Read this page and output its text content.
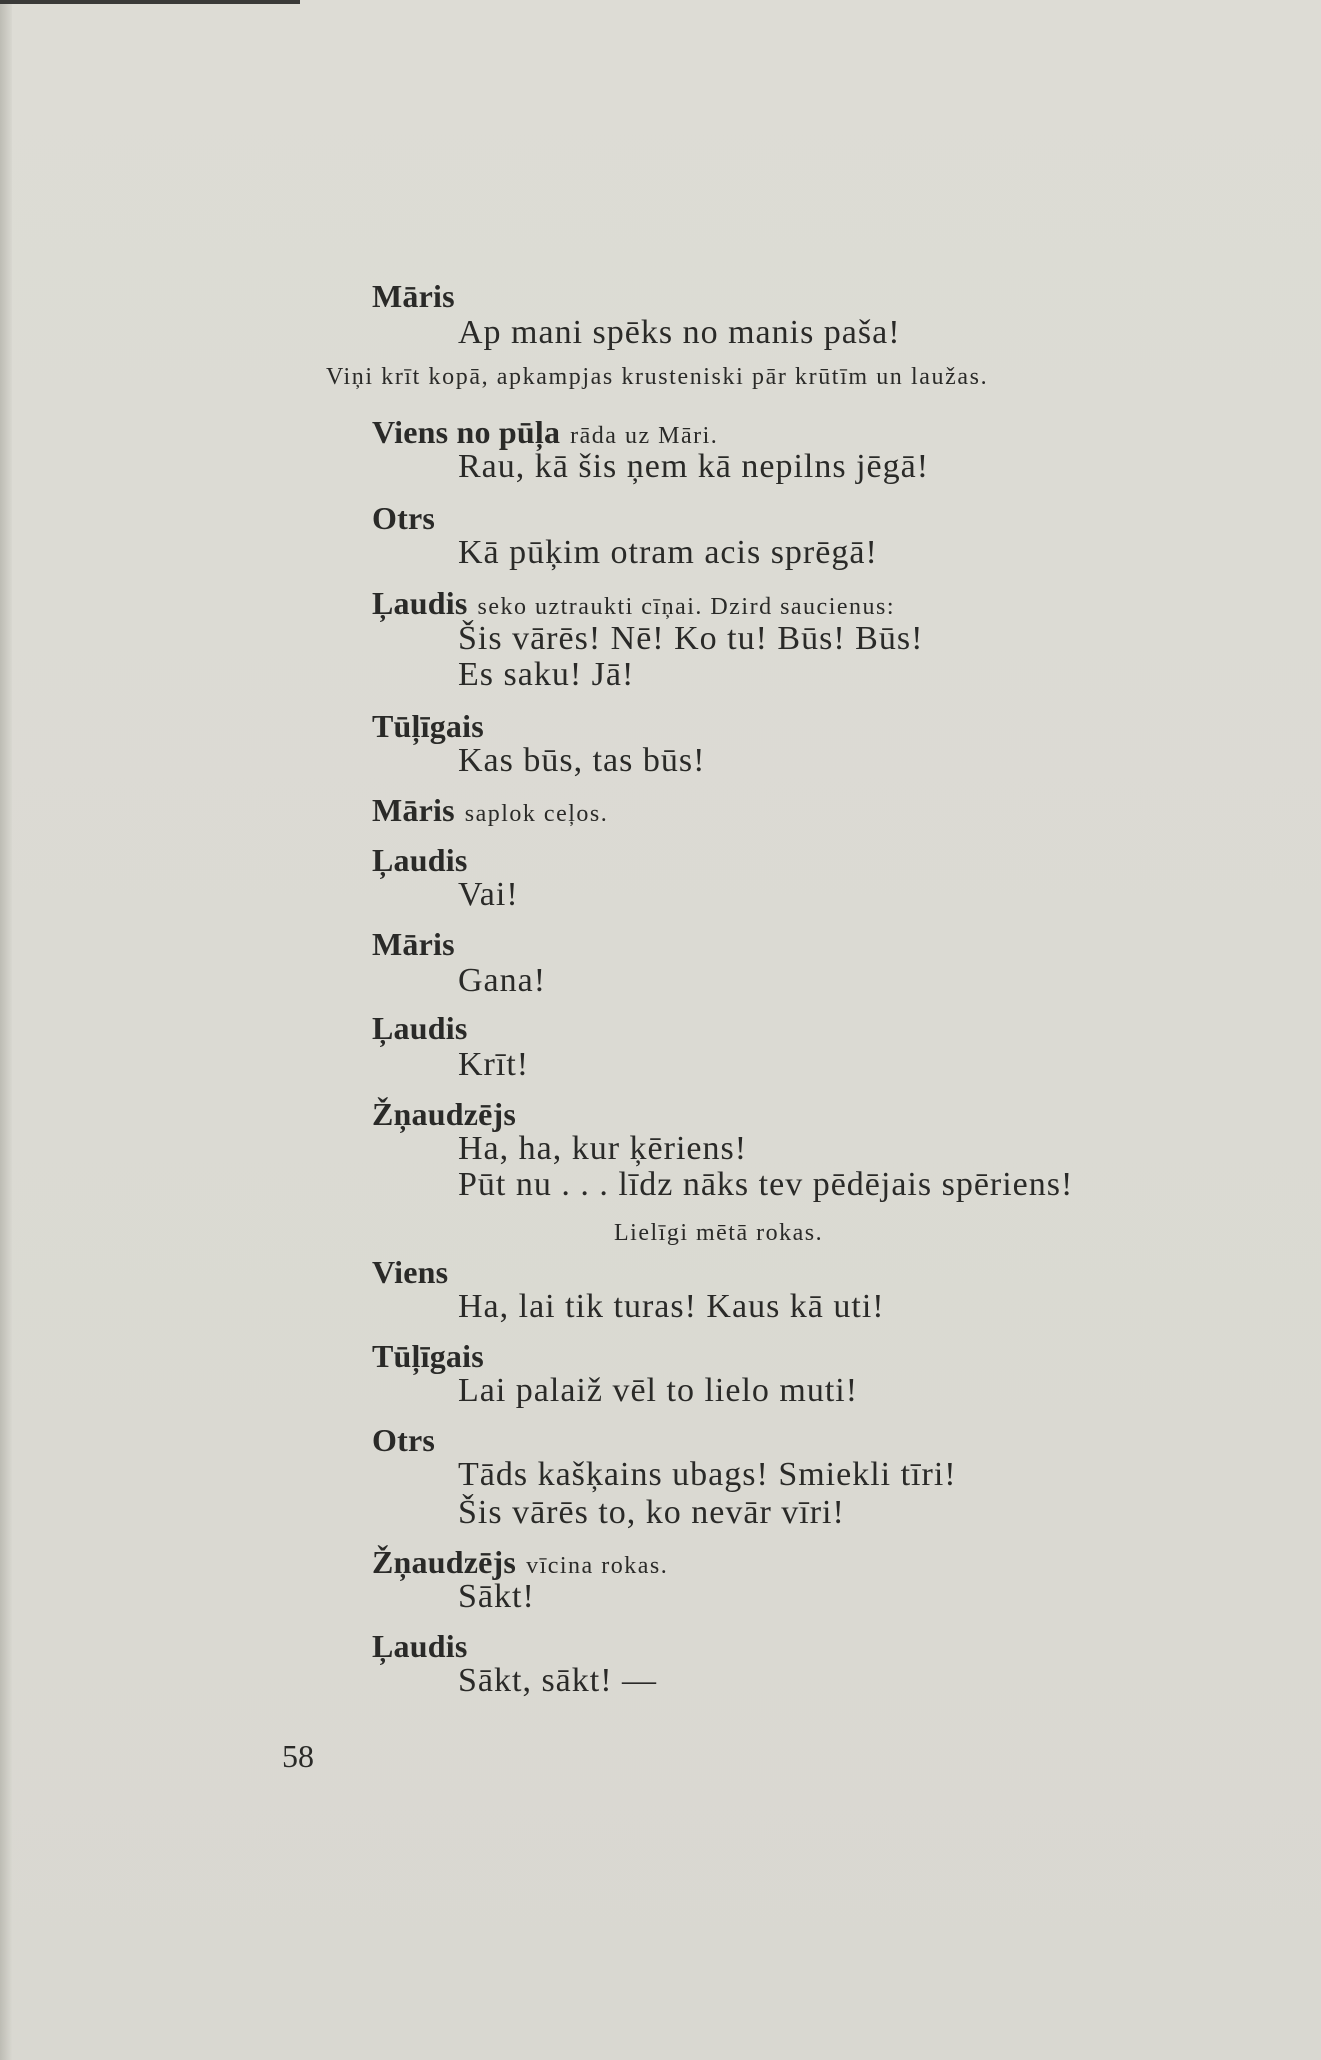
Māris
Ap mani spēks no manis paša!
Viņi krīt kopā, apkampjas krusteniski pār krūtīm un laužas.
Viens no pūļa rāda uz Māri.
Rau, kā šis ņem kā nepilns jēgā!
Otrs
Kā pūķim otram acis sprēgā!
Ļaudis seko uztraukti cīņai. Dzird saucienus:
Šis vārēs! Nē! Ko tu! Būs! Būs!
Es saku! Jā!
Tūļīgais
Kas būs, tas būs!
Māris saplok ceļos.
Ļaudis
Vai!
Māris
Gana!
Ļaudis
Krīt!
Žņaudzējs
Ha, ha, kur ķēriens!
Pūt nu . . . līdz nāks tev pēdējais spēriens!
Lielīgi mētā rokas.
Viens
Ha, lai tik turas! Kaus kā uti!
Tūļīgais
Lai palaiž vēl to lielo muti!
Otrs
Tāds kašķains ubags! Smiekli tīri!
Šis vārēs to, ko nevār vīri!
Žņaudzējs vīcina rokas.
Sākt!
Ļaudis
Sākt, sākt! —
58
